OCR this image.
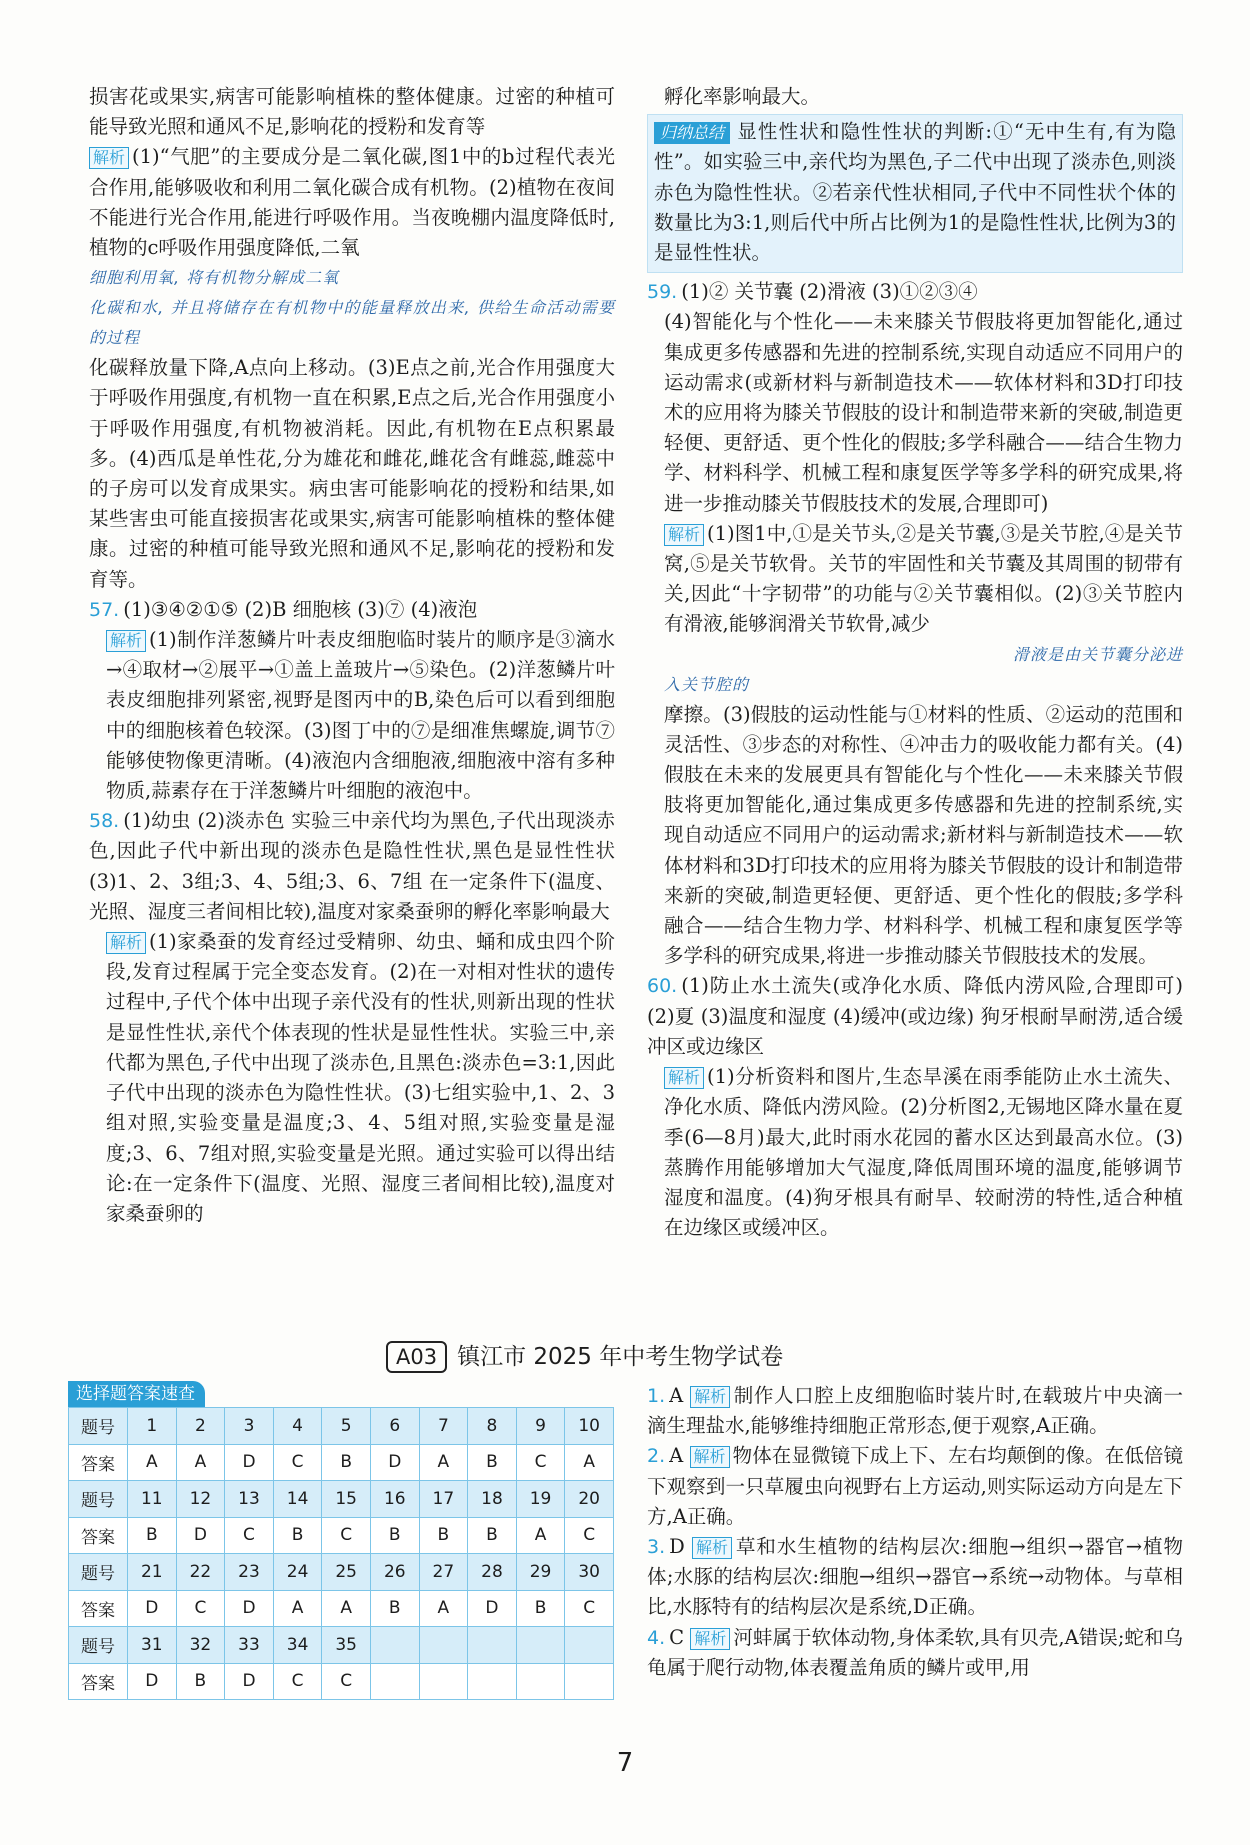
损害花或果实,病害可能影响植株的整体健康。过密的种植可能导致光照和通风不足,影响花的授粉和发育等

解析 (1)“气肥”的主要成分是二氧化碳,图1中的b过程代表光合作用,能够吸收和利用二氧化碳合成有机物。(2)植物在夜间不能进行光合作用,能进行呼吸作用。当夜晚棚内温度降低时,植物的c呼吸作用强度降低,二氧

细胞利用氧, 将有机物分解成二氧

化碳和水, 并且将储存在有机物中的能量释放出来, 供给生命活动需要的过程

化碳释放量下降,A点向上移动。(3)E点之前,光合作用强度大于呼吸作用强度,有机物一直在积累,E点之后,光合作用强度小于呼吸作用强度,有机物被消耗。因此,有机物在E点积累最多。(4)西瓜是单性花,分为雄花和雌花,雌花含有雌蕊,雌蕊中的子房可以发育成果实。病虫害可能影响花的授粉和结果,如某些害虫可能直接损害花或果实,病害可能影响植株的整体健康。过密的种植可能导致光照和通风不足,影响花的授粉和发育等。

57. (1)③④②①⑤ (2)B 细胞核 (3)⑦ (4)液泡

解析 (1)制作洋葱鳞片叶表皮细胞临时装片的顺序是③滴水→④取材→②展平→①盖上盖玻片→⑤染色。(2)洋葱鳞片叶表皮细胞排列紧密,视野是图丙中的B,染色后可以看到细胞中的细胞核着色较深。(3)图丁中的⑦是细准焦螺旋,调节⑦能够使物像更清晰。(4)液泡内含细胞液,细胞液中溶有多种物质,蒜素存在于洋葱鳞片叶细胞的液泡中。

58. (1)幼虫 (2)淡赤色 实验三中亲代均为黑色,子代出现淡赤色,因此子代中新出现的淡赤色是隐性性状,黑色是显性性状 (3)1、2、3组;3、4、5组;3、6、7组 在一定条件下(温度、光照、湿度三者间相比较),温度对家桑蚕卵的孵化率影响最大

解析 (1)家桑蚕的发育经过受精卵、幼虫、蛹和成虫四个阶段,发育过程属于完全变态发育。(2)在一对相对性状的遗传过程中,子代个体中出现子亲代没有的性状,则新出现的性状是显性性状,亲代个体表现的性状是显性性状。实验三中,亲代都为黑色,子代中出现了淡赤色,且黑色:淡赤色=3:1,因此子代中出现的淡赤色为隐性性状。(3)七组实验中,1、2、3组对照,实验变量是温度;3、4、5组对照,实验变量是湿度;3、6、7组对照,实验变量是光照。通过实验可以得出结论:在一定条件下(温度、光照、湿度三者间相比较),温度对家桑蚕卵的

孵化率影响最大。

归纳总结 显性性状和隐性性状的判断:①“无中生有,有为隐性”。如实验三中,亲代均为黑色,子二代中出现了淡赤色,则淡赤色为隐性性状。②若亲代性状相同,子代中不同性状个体的数量比为3:1,则后代中所占比例为1的是隐性性状,比例为3的是显性性状。

59. (1)② 关节囊 (2)滑液 (3)①②③④

(4)智能化与个性化——未来膝关节假肢将更加智能化,通过集成更多传感器和先进的控制系统,实现自动适应不同用户的运动需求(或新材料与新制造技术——软体材料和3D打印技术的应用将为膝关节假肢的设计和制造带来新的突破,制造更轻便、更舒适、更个性化的假肢;多学科融合——结合生物力学、材料科学、机械工程和康复医学等多学科的研究成果,将进一步推动膝关节假肢技术的发展,合理即可)

解析 (1)图1中,①是关节头,②是关节囊,③是关节腔,④是关节窝,⑤是关节软骨。关节的牢固性和关节囊及其周围的韧带有关,因此“十字韧带”的功能与②关节囊相似。(2)③关节腔内有滑液,能够润滑关节软骨,减少

滑液是由关节囊分泌进

入关节腔的

摩擦。(3)假肢的运动性能与①材料的性质、②运动的范围和灵活性、③步态的对称性、④冲击力的吸收能力都有关。(4)假肢在未来的发展更具有智能化与个性化——未来膝关节假肢将更加智能化,通过集成更多传感器和先进的控制系统,实现自动适应不同用户的运动需求;新材料与新制造技术——软体材料和3D打印技术的应用将为膝关节假肢的设计和制造带来新的突破,制造更轻便、更舒适、更个性化的假肢;多学科融合——结合生物力学、材料科学、机械工程和康复医学等多学科的研究成果,将进一步推动膝关节假肢技术的发展。

60. (1)防止水土流失(或净化水质、降低内涝风险,合理即可) (2)夏 (3)温度和湿度 (4)缓冲(或边缘) 狗牙根耐旱耐涝,适合缓冲区或边缘区

解析 (1)分析资料和图片,生态旱溪在雨季能防止水土流失、净化水质、降低内涝风险。(2)分析图2,无锡地区降水量在夏季(6—8月)最大,此时雨水花园的蓄水区达到最高水位。(3)蒸腾作用能够增加大气湿度,降低周围环境的温度,能够调节湿度和温度。(4)狗牙根具有耐旱、较耐涝的特性,适合种植在边缘区或缓冲区。

A03 镇江市 2025 年中考生物学试卷
选择题答案速查
题号	1	2	3	4	5	6	7	8	9	10
答案	A	A	D	C	B	D	A	B	C	A
题号	11	12	13	14	15	16	17	18	19	20
答案	B	D	C	B	C	B	B	B	A	C
题号	21	22	23	24	25	26	27	28	29	30
答案	D	C	D	A	A	B	A	D	B	C
题号	31	32	33	34	35					
答案	D	B	D	C	C					

1. A 解析 制作人口腔上皮细胞临时装片时,在载玻片中央滴一滴生理盐水,能够维持细胞正常形态,便于观察,A正确。

2. A 解析 物体在显微镜下成上下、左右均颠倒的像。在低倍镜下观察到一只草履虫向视野右上方运动,则实际运动方向是左下方,A正确。

3. D 解析 草和水生植物的结构层次:细胞→组织→器官→植物体;水豚的结构层次:细胞→组织→器官→系统→动物体。与草相比,水豚特有的结构层次是系统,D正确。

4. C 解析 河蚌属于软体动物,身体柔软,具有贝壳,A错误;蛇和乌龟属于爬行动物,体表覆盖角质的鳞片或甲,用

7
